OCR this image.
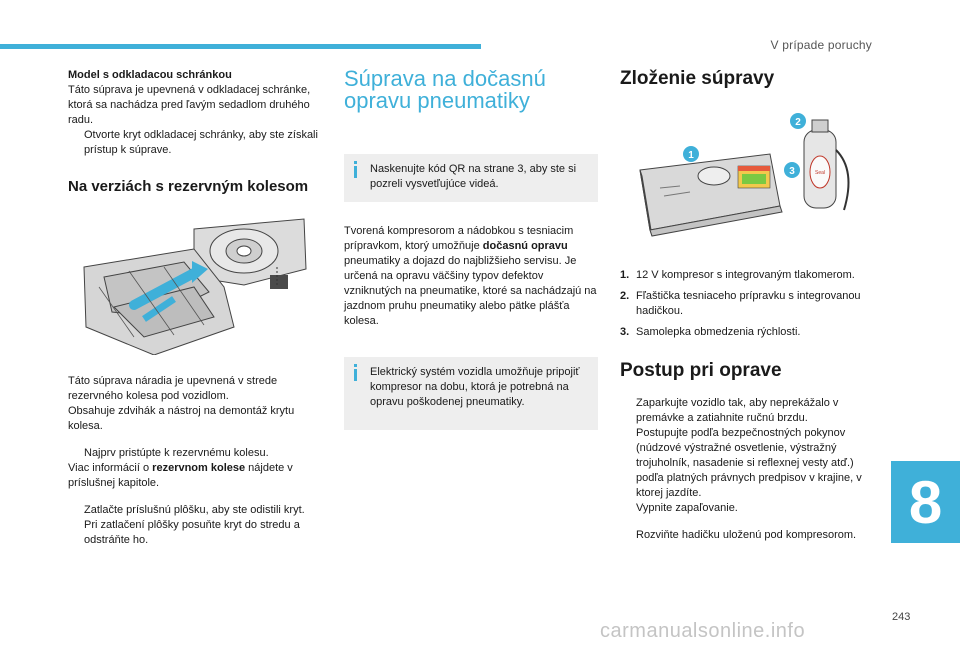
V prípade poruchy

Model s odkladacou schránkou

Táto súprava je upevnená v odkladacej schránke, ktorá sa nachádza pred ľavým sedadlom druhého radu.

Otvorte kryt odkladacej schránky, aby ste získali prístup k súprave.

Na verziách s rezervným kolesom

Táto súprava náradia je upevnená v strede rezervného kolesa pod vozidlom.

Obsahuje zdvihák a nástroj na demontáž krytu kolesa.

Najprv pristúpte k rezervnému kolesu.

Viac informácií o rezervnom kolese nájdete v príslušnej kapitole.

Zatlačte príslušnú plôšku, aby ste odistili kryt.
Pri zatlačení plôšky posuňte kryt do stredu a odstráňte ho.

Súprava na dočasnú opravu pneumatiky

Naskenujte kód QR na strane 3, aby ste si pozreli vysvetľujúce videá.

Tvorená kompresorom a nádobkou s tesniacim prípravkom, ktorý umožňuje dočasnú opravu pneumatiky a dojazd do najbližšieho servisu. Je určená na opravu väčšiny typov defektov vzniknutých na pneumatike, ktoré sa nachádzajú na jazdnom pruhu pneumatiky alebo pätke plášťa kolesa.

Elektrický systém vozidla umožňuje pripojiť kompresor na dobu, ktorá je potrebná na opravu poškodenej pneumatiky.

Zloženie súpravy

Seal
1
2
3
1. 12 V kompresor s integrovaným tlakomerom.
2. Fľaštička tesniaceho prípravku s integrovanou hadičkou.
3. Samolepka obmedzenia rýchlosti.

Postup pri oprave

Zaparkujte vozidlo tak, aby neprekážalo v premávke a zatiahnite ručnú brzdu.
Postupujte podľa bezpečnostných pokynov (núdzové výstražné osvetlenie, výstražný trojuholník, nasadenie si reflexnej vesty atď.) podľa platných právnych predpisov v krajine, v ktorej jazdíte.
Vypnite zapaľovanie.
Rozviňte hadičku uloženú pod kompresorom. 8
243
carmanualsonline.info
